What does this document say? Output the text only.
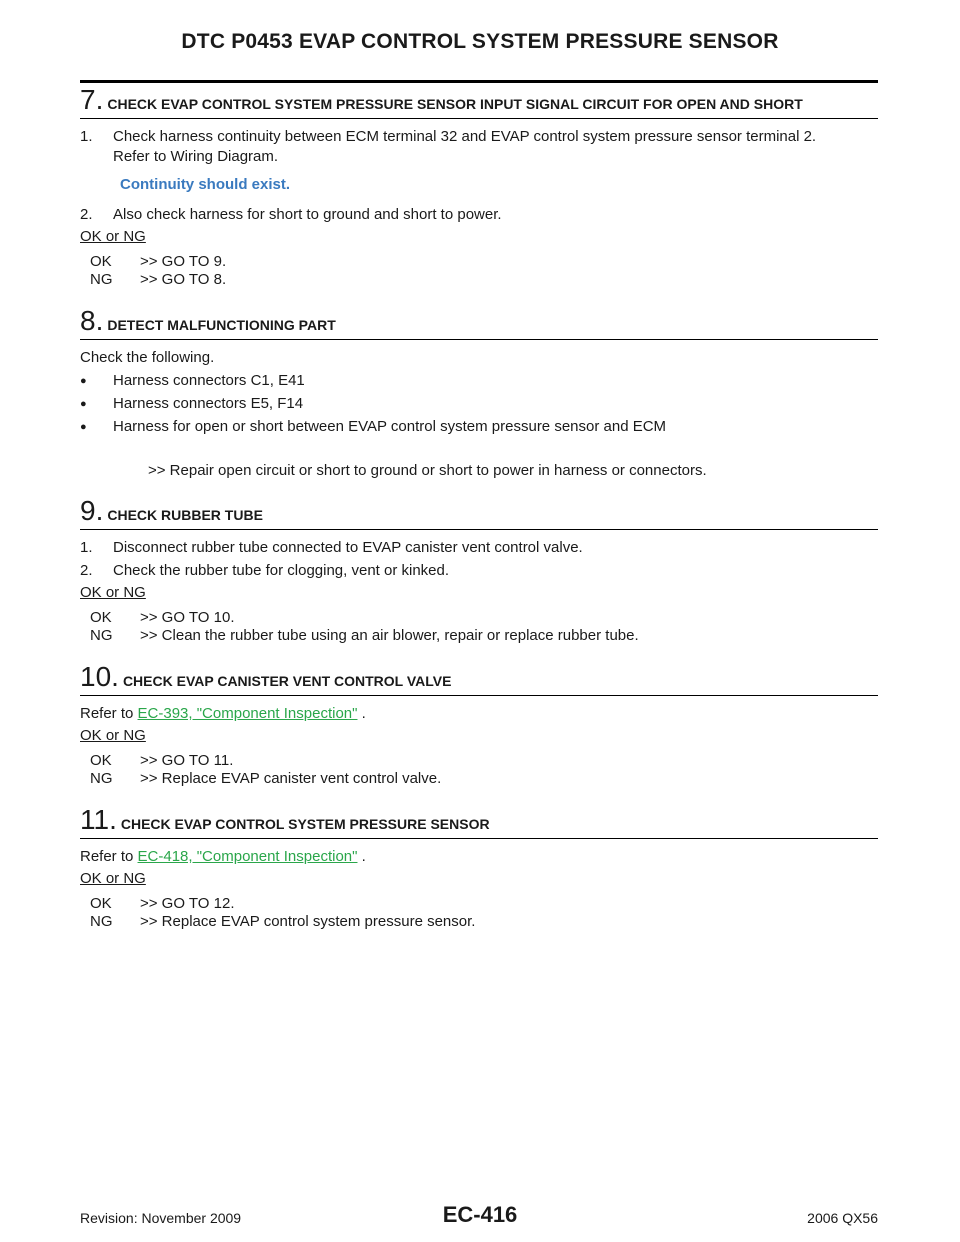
DTC P0453 EVAP CONTROL SYSTEM PRESSURE SENSOR
7. CHECK EVAP CONTROL SYSTEM PRESSURE SENSOR INPUT SIGNAL CIRCUIT FOR OPEN AND SHORT
1.	Check harness continuity between ECM terminal 32 and EVAP control system pressure sensor terminal 2.
Refer to Wiring Diagram.
Continuity should exist.
2.	Also check harness for short to ground and short to power.
OK or NG
OK	>> GO TO 9.
NG	>> GO TO 8.
8. DETECT MALFUNCTIONING PART
Check the following.
●	Harness connectors C1, E41
●	Harness connectors E5, F14
●	Harness for open or short between EVAP control system pressure sensor and ECM
>> Repair open circuit or short to ground or short to power in harness or connectors.
9. CHECK RUBBER TUBE
1.	Disconnect rubber tube connected to EVAP canister vent control valve.
2.	Check the rubber tube for clogging, vent or kinked.
OK or NG
OK	>> GO TO 10.
NG	>> Clean the rubber tube using an air blower, repair or replace rubber tube.
10. CHECK EVAP CANISTER VENT CONTROL VALVE
Refer to EC-393, "Component Inspection" .
OK or NG
OK	>> GO TO 11.
NG	>> Replace EVAP canister vent control valve.
11. CHECK EVAP CONTROL SYSTEM PRESSURE SENSOR
Refer to EC-418, "Component Inspection" .
OK or NG
OK	>> GO TO 12.
NG	>> Replace EVAP control system pressure sensor.
Revision: November 2009	EC-416	2006 QX56
